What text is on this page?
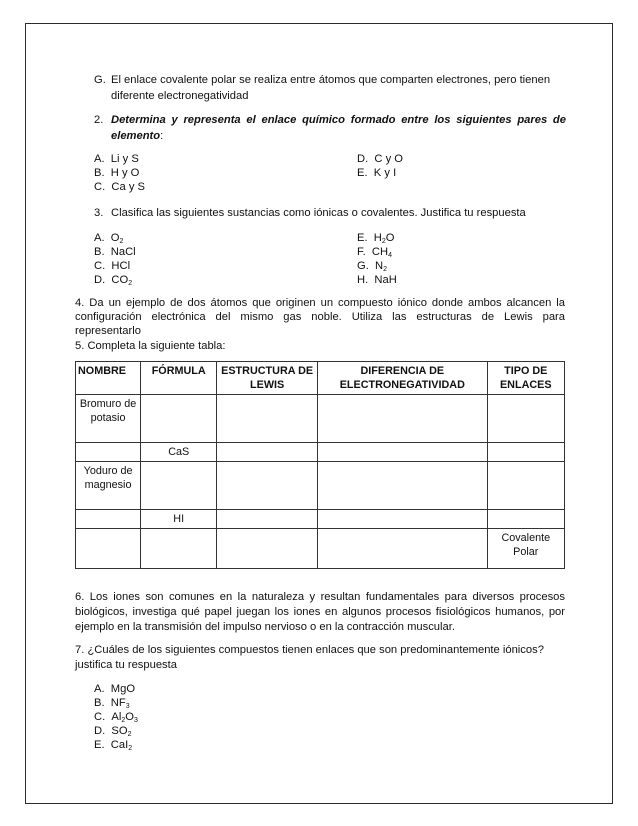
G. El enlace covalente polar se realiza entre átomos que comparten electrones, pero tienen
diferente electronegatividad
2. Determina y representa el enlace químico formado entre los siguientes pares de
elemento:
A. Li y S
B. H y O
C. Ca y S
D. C y O
E. K y I
3. Clasifica las siguientes sustancias como iónicas o covalentes. Justifica tu respuesta
A. $O_2$
B. NaCl
C. HCl
D. $CO_2$
E. $H_2O$
F. $CH_4$
G. $N_2$
H. NaH
4. Da un ejemplo de dos átomos que originen un compuesto iónico donde ambos alcancen la
configuración electrónica del mismo gas noble. Utiliza las estructuras de Lewis para
representarlo
5. Completa la siguiente tabla:
NOMBRE	FÓRMULA	ESTRUCTURA DE LEWIS	DIFERENCIA DE ELECTRONEGATIVIDAD	TIPO DE ENLACES
Bromuro de potasio				
	CaS			
Yoduro de magnesio				
	HI			
				Covalente Polar
6. Los iones son comunes en la naturaleza y resultan fundamentales para diversos procesos
biológicos, investiga qué papel juegan los iones en algunos procesos fisiológicos humanos, por
ejemplo en la transmisión del impulso nervioso o en la contracción muscular.
7. ¿Cuáles de los siguientes compuestos tienen enlaces que son predominantemente iónicos?
justifica tu respuesta
A. MgO
B. $NF_3$
C. $Al_2O_3$
D. $SO_2$
E. CaI$_2$
